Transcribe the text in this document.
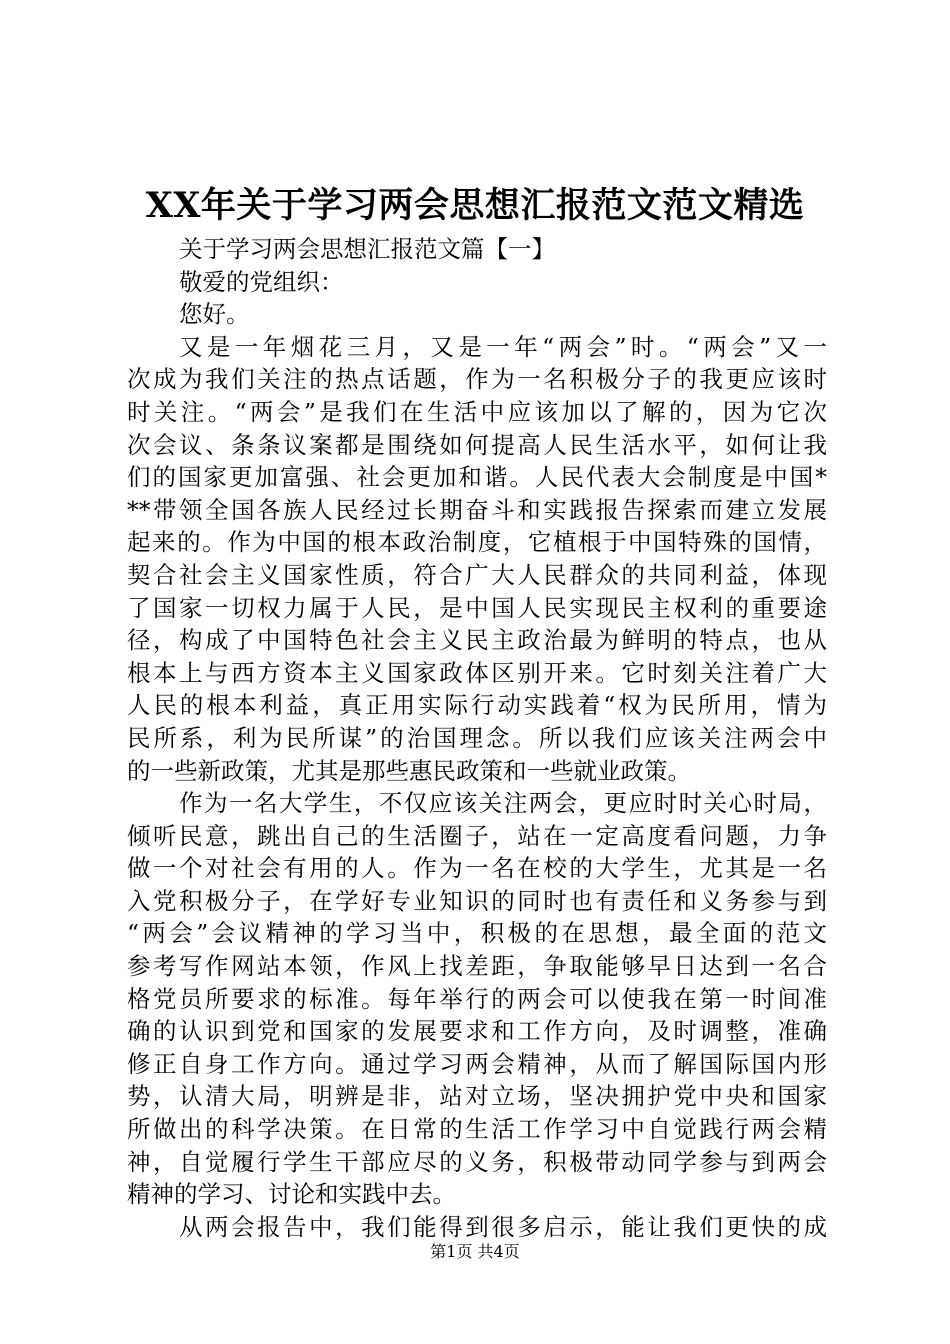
XX年关于学习两会思想汇报范文范文精选
关于学习两会思想汇报范文篇【一】
敬爱的党组织：
您好。
又是一年烟花三月，又是一年“两会”时。“两会”又一
次成为我们关注的热点话题，作为一名积极分子的我更应该时
时关注。“两会”是我们在生活中应该加以了解的，因为它次
次会议、条条议案都是围绕如何提高人民生活水平，如何让我
们的国家更加富强、社会更加和谐。人民代表大会制度是中国*
**带领全国各族人民经过长期奋斗和实践报告探索而建立发展
起来的。作为中国的根本政治制度，它植根于中国特殊的国情，
契合社会主义国家性质，符合广大人民群众的共同利益，体现
了国家一切权力属于人民，是中国人民实现民主权利的重要途
径，构成了中国特色社会主义民主政治最为鲜明的特点，也从
根本上与西方资本主义国家政体区别开来。它时刻关注着广大
人民的根本利益，真正用实际行动实践着“权为民所用，情为
民所系，利为民所谋”的治国理念。所以我们应该关注两会中
的一些新政策，尤其是那些惠民政策和一些就业政策。
作为一名大学生，不仅应该关注两会，更应时时关心时局，
倾听民意，跳出自己的生活圈子，站在一定高度看问题，力争
做一个对社会有用的人。作为一名在校的大学生，尤其是一名
入党积极分子，在学好专业知识的同时也有责任和义务参与到
“两会”会议精神的学习当中，积极的在思想，最全面的范文
参考写作网站本领，作风上找差距，争取能够早日达到一名合
格党员所要求的标准。每年举行的两会可以使我在第一时间准
确的认识到党和国家的发展要求和工作方向，及时调整，准确
修正自身工作方向。通过学习两会精神，从而了解国际国内形
势，认清大局，明辨是非，站对立场，坚决拥护党中央和国家
所做出的科学决策。在日常的生活工作学习中自觉践行两会精
神，自觉履行学生干部应尽的义务，积极带动同学参与到两会
精神的学习、讨论和实践中去。
从两会报告中，我们能得到很多启示，能让我们更快的成
第1页 共4页
